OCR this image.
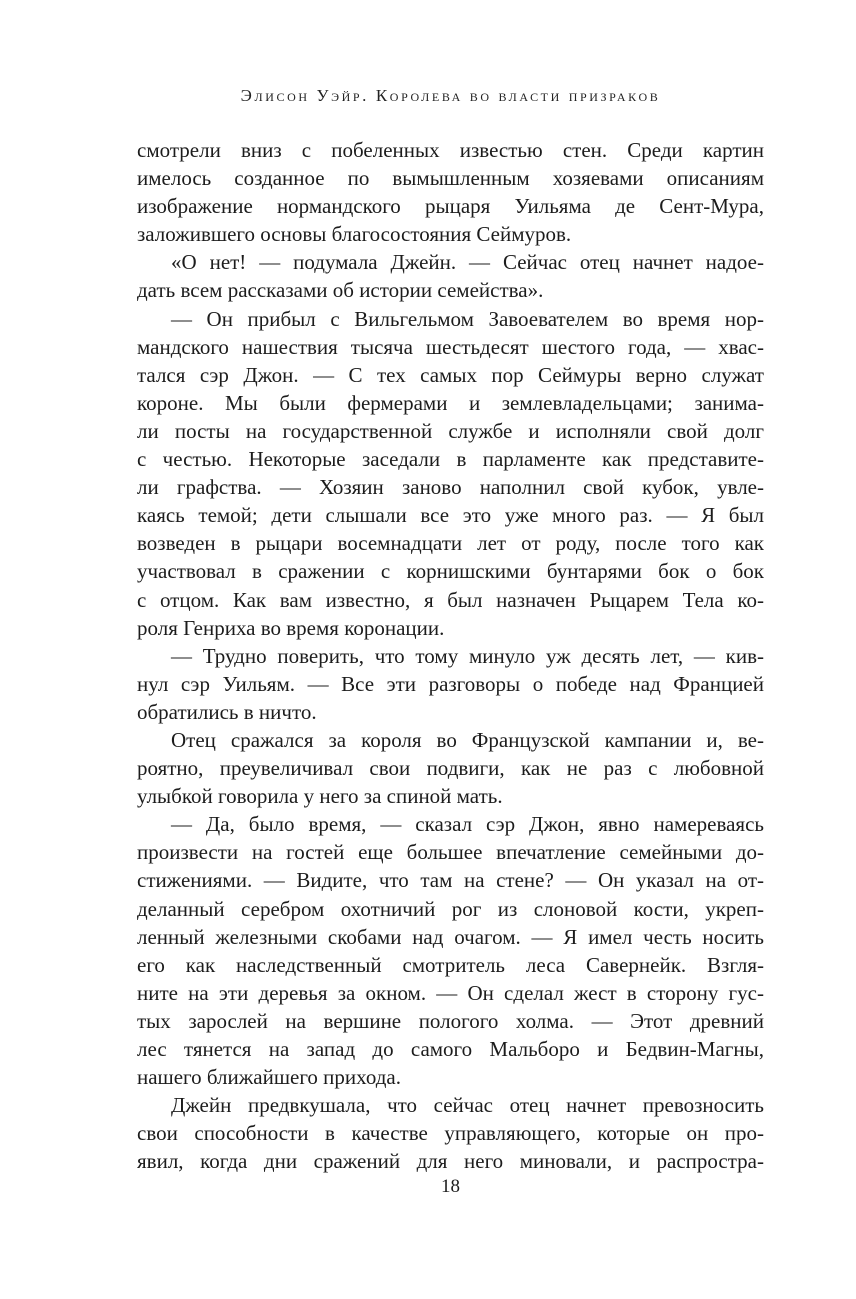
Элисон Уэйр. Королева во власти призраков
смотрели вниз с побеленных известью стен. Среди картин
имелось созданное по вымышленным хозяевами описаниям
изображение нормандского рыцаря Уильяма де Сент-Мура,
заложившего основы благосостояния Сеймуров.
«О нет! — подумала Джейн. — Сейчас отец начнет надое-
дать всем рассказами об истории семейства».
— Он прибыл с Вильгельмом Завоевателем во время нор-
мандского нашествия тысяча шестьдесят шестого года, — хвас-
тался сэр Джон. — С тех самых пор Сеймуры верно служат
короне. Мы были фермерами и землевладельцами; занима-
ли посты на государственной службе и исполняли свой долг
с честью. Некоторые заседали в парламенте как представите-
ли графства. — Хозяин заново наполнил свой кубок, увле-
каясь темой; дети слышали все это уже много раз. — Я был
возведен в рыцари восемнадцати лет от роду, после того как
участвовал в сражении с корнишскими бунтарями бок о бок
с отцом. Как вам известно, я был назначен Рыцарем Тела ко-
роля Генриха во время коронации.
— Трудно поверить, что тому минуло уж десять лет, — кив-
нул сэр Уильям. — Все эти разговоры о победе над Францией
обратились в ничто.
Отец сражался за короля во Французской кампании и, ве-
роятно, преувеличивал свои подвиги, как не раз с любовной
улыбкой говорила у него за спиной мать.
— Да, было время, — сказал сэр Джон, явно намереваясь
произвести на гостей еще большее впечатление семейными до-
стижениями. — Видите, что там на стене? — Он указал на от-
деланный серебром охотничий рог из слоновой кости, укреп-
ленный железными скобами над очагом. — Я имел честь носить
его как наследственный смотритель леса Савернейк. Взгля-
ните на эти деревья за окном. — Он сделал жест в сторону гус-
тых зарослей на вершине пологого холма. — Этот древний
лес тянется на запад до самого Мальборо и Бедвин-Магны,
нашего ближайшего прихода.
Джейн предвкушала, что сейчас отец начнет превозносить
свои способности в качестве управляющего, которые он про-
явил, когда дни сражений для него миновали, и распростра-
18
